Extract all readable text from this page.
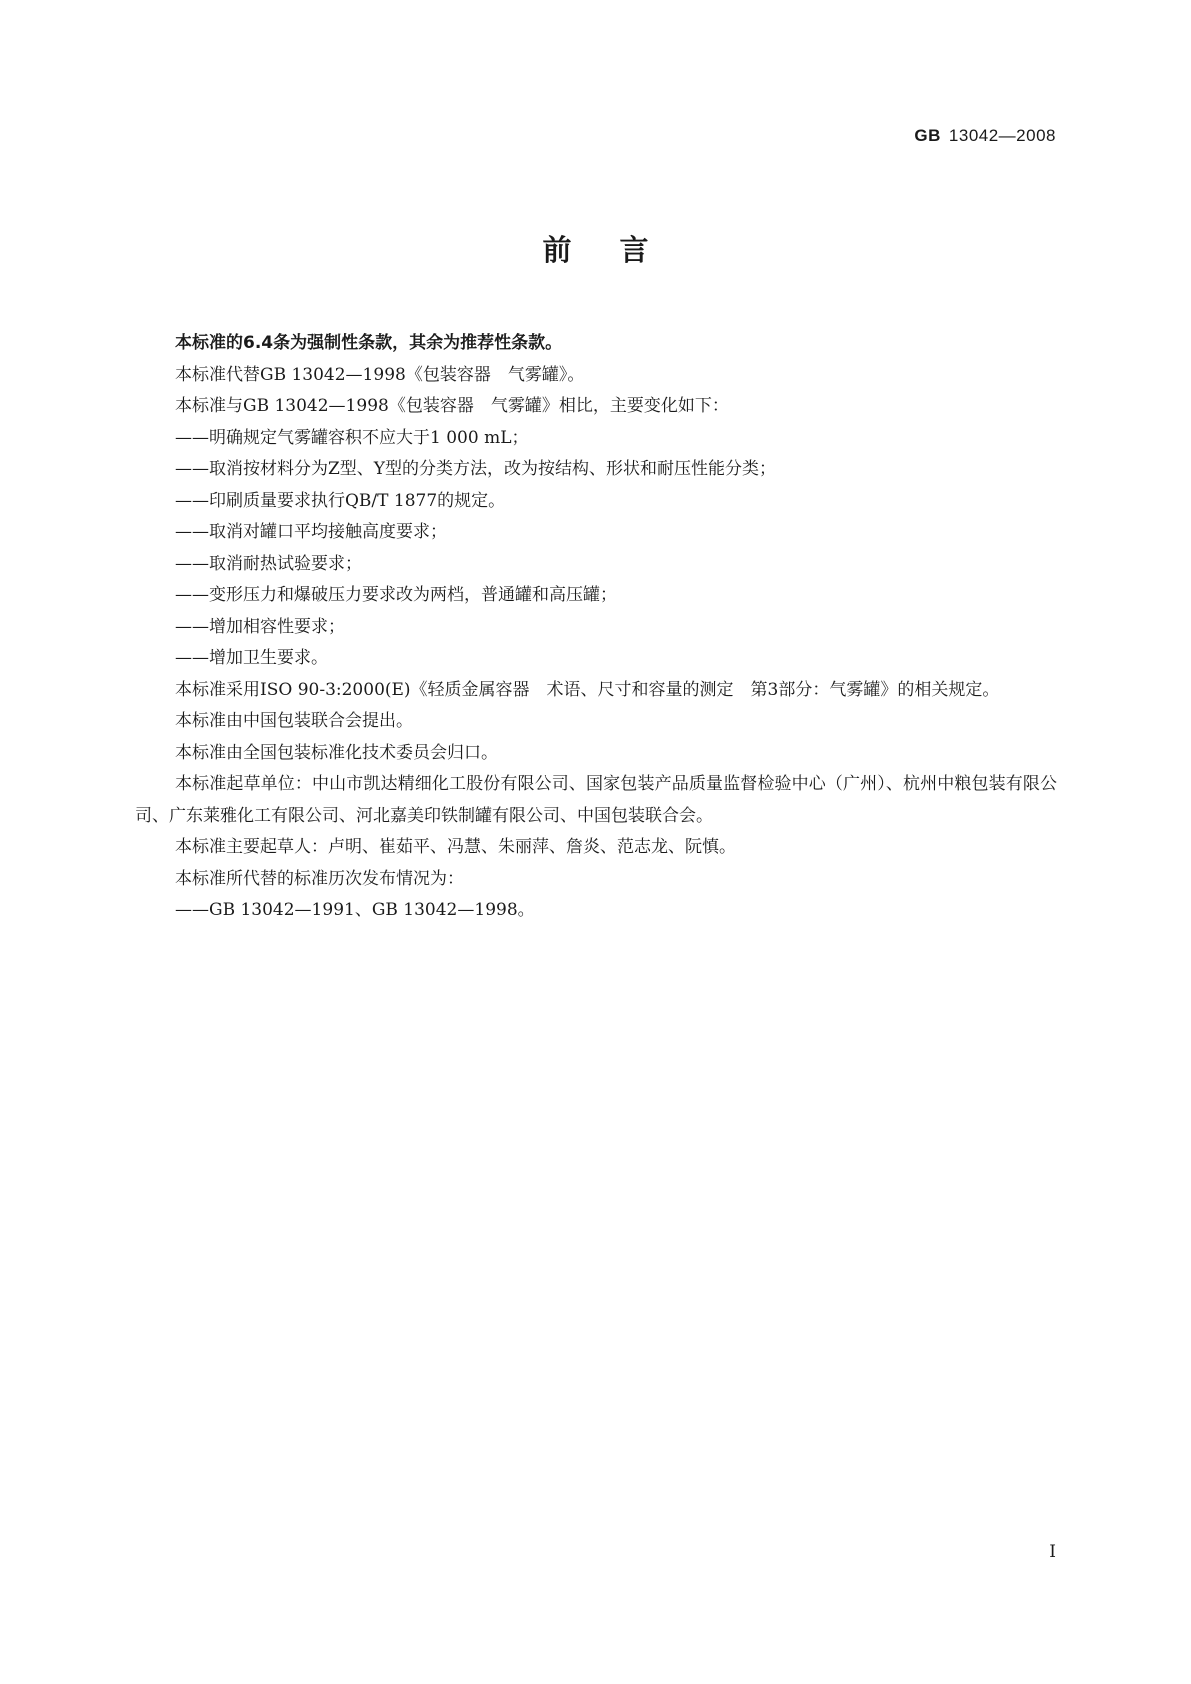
GB 13042—2008
前言

本标准的6.4条为强制性条款，其余为推荐性条款。

本标准代替GB 13042—1998《包装容器　气雾罐》。

本标准与GB 13042—1998《包装容器　气雾罐》相比，主要变化如下：

——明确规定气雾罐容积不应大于1 000 mL；

——取消按材料分为Z型、Y型的分类方法，改为按结构、形状和耐压性能分类；

——印刷质量要求执行QB/T 1877的规定。

——取消对罐口平均接触高度要求；

——取消耐热试验要求；

——变形压力和爆破压力要求改为两档，普通罐和高压罐；

——增加相容性要求；

——增加卫生要求。

本标准采用ISO 90-3:2000(E)《轻质金属容器　术语、尺寸和容量的测定　第3部分：气雾罐》的相关规定。

本标准由中国包装联合会提出。

本标准由全国包装标准化技术委员会归口。

本标准起草单位：中山市凯达精细化工股份有限公司、国家包装产品质量监督检验中心（广州）、杭州中粮包装有限公司、广东莱雅化工有限公司、河北嘉美印铁制罐有限公司、中国包装联合会。

本标准主要起草人：卢明、崔茹平、冯慧、朱丽萍、詹炎、范志龙、阮慎。

本标准所代替的标准历次发布情况为：

——GB 13042—1991、GB 13042—1998。

I
